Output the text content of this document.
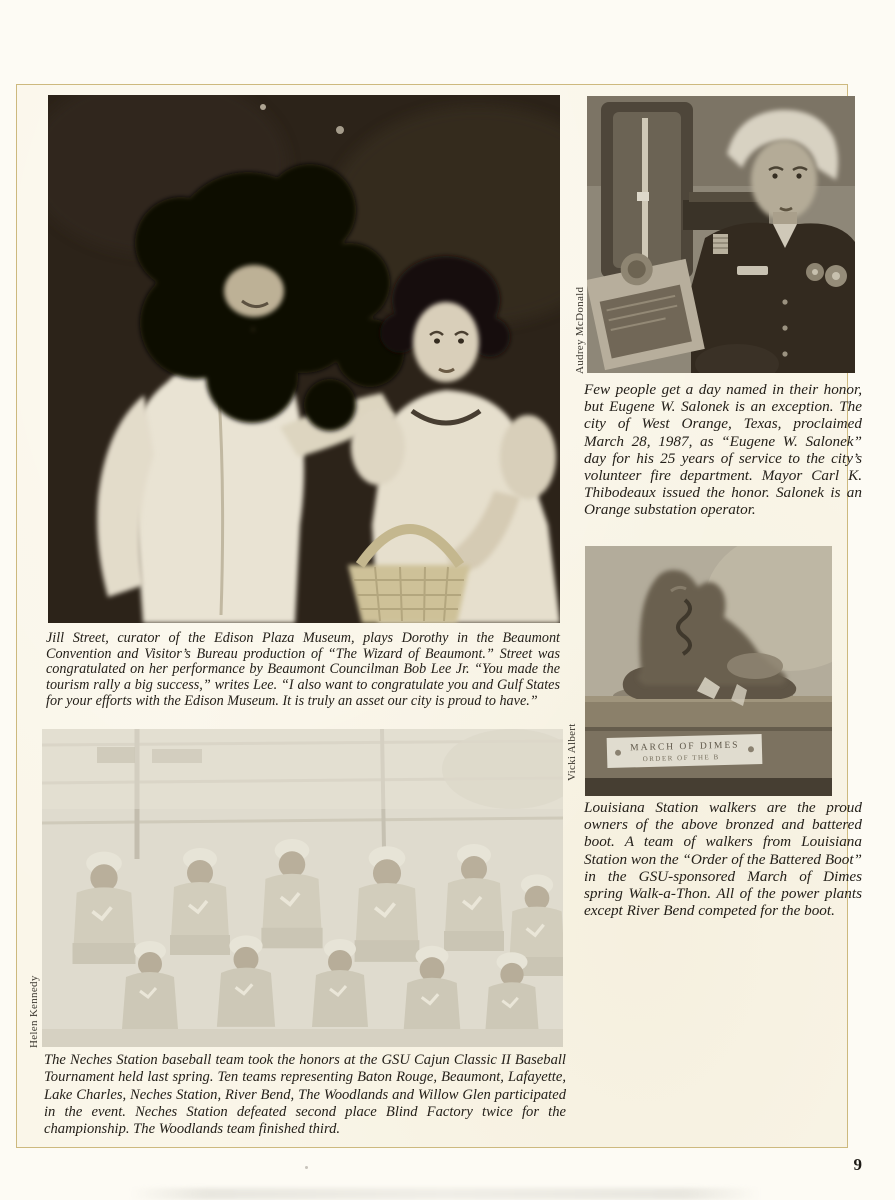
Jill Street, curator of the Edison Plaza Museum, plays Dorothy in the Beaumont Convention and Visitor’s Bureau production of “The Wizard of Beaumont.” Street was congratulated on her performance by Beaumont Councilman Bob Lee Jr. “You made the tourism rally a big success,” writes Lee. “I also want to congratulate you and Gulf States for your efforts with the Edison Museum. It is truly an asset our city is proud to have.”

Audrey McDonald

Few people get a day named in their honor, but Eugene W. Salonek is an exception. The city of West Orange, Texas, proclaimed March 28, 1987, as “Eugene W. Salonek” day for his 25 years of service to the city’s volunteer fire department. Mayor Carl K. Thibodeaux issued the honor. Salonek is an Orange substation operator.

Vicki Albert	MARCH OF DIMES
ORDER OF THE B

Louisiana Station walkers are the proud owners of the above bronzed and battered boot. A team of walkers from Louisiana Station won the “Order of the Battered Boot” in the GSU-sponsored March of Dimes spring Walk-a-Thon. All of the power plants except River Bend competed for the boot.

Helen Kennedy

The Neches Station baseball team took the honors at the GSU Cajun Classic II Baseball Tournament held last spring. Ten teams representing Baton Rouge, Beaumont, Lafayette, Lake Charles, Neches Station, River Bend, The Woodlands and Willow Glen participated in the event. Neches Station defeated second place Blind Factory twice for the championship. The Woodlands team finished third.

9
